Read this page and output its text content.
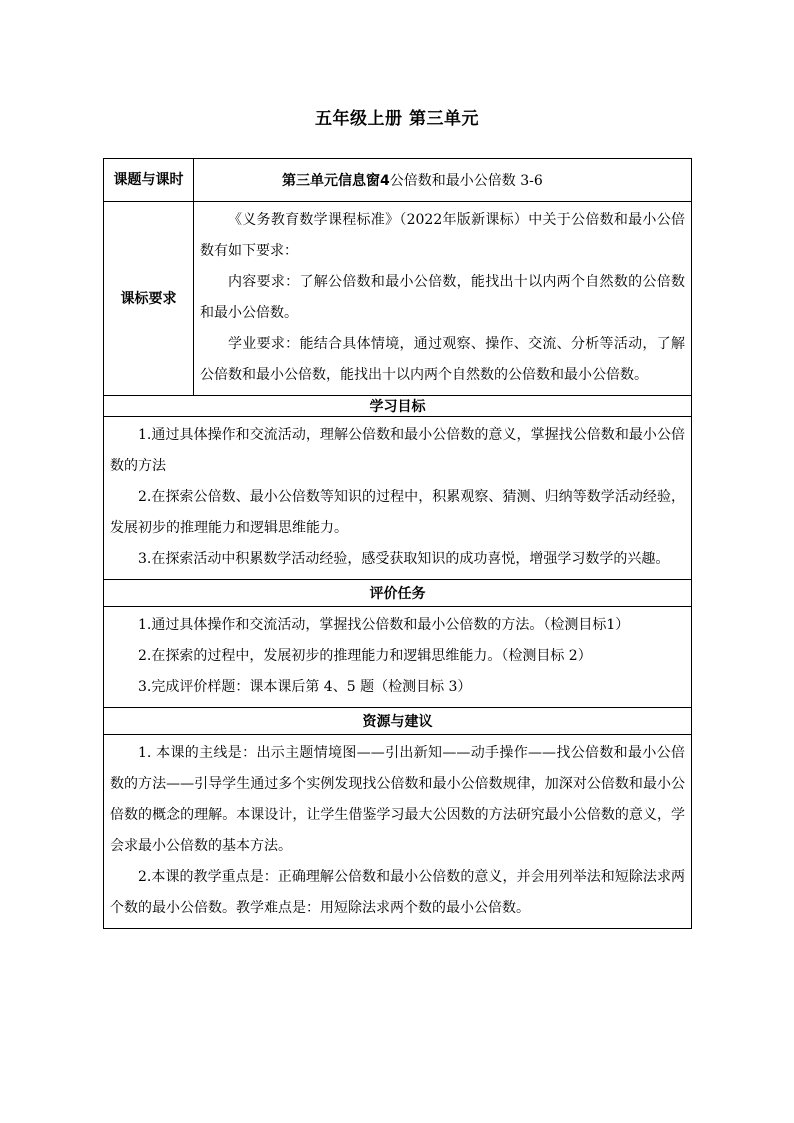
五年级上册 第三单元
课题与课时	第三单元信息窗4公倍数和最小公倍数 3-6
课标要求	《义务教育数学课程标准》（2022年版新课标）中关于公倍数和最小公倍数有如下要求：

内容要求：了解公倍数和最小公倍数，能找出十以内两个自然数的公倍数和最小公倍数。

学业要求：能结合具体情境，通过观察、操作、交流、分析等活动，了解公倍数和最小公倍数，能找出十以内两个自然数的公倍数和最小公倍数。

学习目标	

1.通过具体操作和交流活动，理解公倍数和最小公倍数的意义，掌握找公倍数和最小公倍数的方法

2.在探索公倍数、最小公倍数等知识的过程中，积累观察、猜测、归纳等数学活动经验，发展初步的推理能力和逻辑思维能力。

3.在探索活动中积累数学活动经验，感受获取知识的成功喜悦，增强学习数学的兴趣。	

评价任务	

1.通过具体操作和交流活动，掌握找公倍数和最小公倍数的方法。（检测目标1）

2.在探索的过程中，发展初步的推理能力和逻辑思维能力。（检测目标 2）

3.完成评价样题：课本课后第 4、5 题（检测目标 3）	

资源与建议	

1. 本课的主线是：出示主题情境图——引出新知——动手操作——找公倍数和最小公倍数的方法——引导学生通过多个实例发现找公倍数和最小公倍数规律，加深对公倍数和最小公倍数的概念的理解。本课设计，让学生借鉴学习最大公因数的方法研究最小公倍数的意义，学会求最小公倍数的基本方法。

2.本课的教学重点是：正确理解公倍数和最小公倍数的意义，并会用列举法和短除法求两个数的最小公倍数。教学难点是：用短除法求两个数的最小公倍数。	
